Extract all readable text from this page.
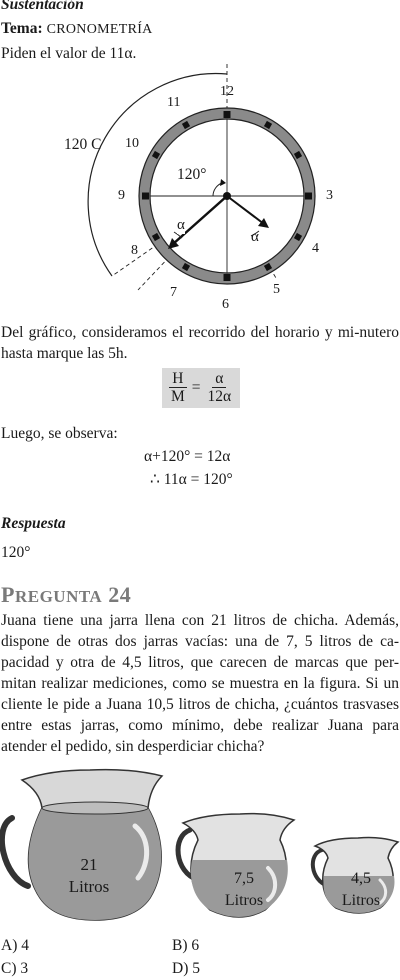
Sustentación
Tema: CRONOMETRÍA
Piden el valor de 11α.
120 C
120°
α
α
12
3
4
5
6
7
8
9
10
11
Del gráfico, consideramos el recorrido del horario y mi-nutero hasta marque las 5h.
$\frac{H}{M} = \frac{\alpha}{12\alpha}$
Luego, se observa:
α+120° = 12α
∴ 11α = 120°
Respuesta
120°
PREGUNTA 24
Juana tiene una jarra llena con 21 litros de chicha. Además, dispone de otras dos jarras vacías: una de 7, 5 litros de ca-pacidad y otra de 4,5 litros, que carecen de marcas que per-mitan realizar mediciones, como se muestra en la figura. Si un cliente le pide a Juana 10,5 litros de chicha, ¿cuántos trasvases entre estas jarras, como mínimo, debe realizar Juana para atender el pedido, sin desperdiciar chicha?
21
Litros	7,5
Litros
4,5
Litros
A) 4	B) 6
C) 3	D) 5
